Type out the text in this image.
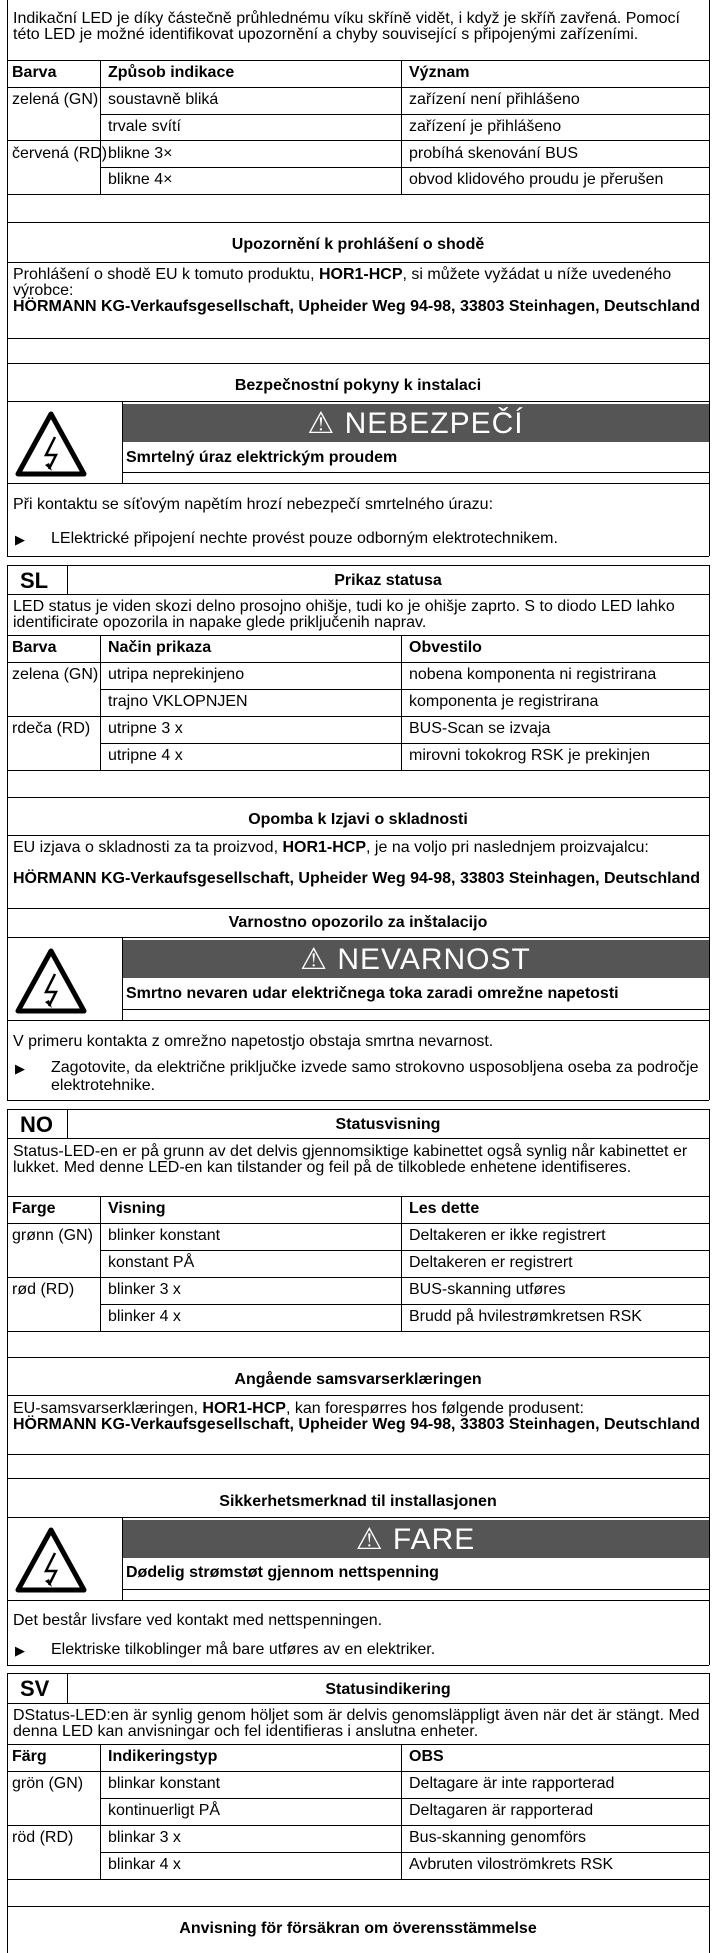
Indikační LED je díky částečně průhlednému víku skříně vidět, i když je skříň zavřená. Pomocí této LED je možné identifikovat upozornění a chyby související s připojenými zařízeními.
Barva	Způsob indikace	Význam
zelená (GN) soustavně bliká	zařízení není přihlášeno
trvale svítí	zařízení je přihlášeno
červená (RD) blikne 3×	probíhá skenování BUS
blikne 4×	obvod klidového proudu je přerušen
Upozornění k prohlášení o shodě
Prohlášení o shodě EU k tomuto produktu, HOR1-HCP, si můžete vyžádat u níže uvedeného výrobce:
HÖRMANN KG-Verkaufsgesellschaft, Upheider Weg 94-98, 33803 Steinhagen, Deutschland
Bezpečnostní pokyny k instalaci
⚠ NEBEZPEČÍ
Smrtelný úraz elektrickým proudem
Při kontaktu se síťovým napětím hrozí nebezpečí smrtelného úrazu:
▶ LElektrické připojení nechte provést pouze odborným elektrotechnikem.
SL	Prikaz statusa
LED status je viden skozi delno prosojno ohišje, tudi ko je ohišje zaprto. S to diodo LED lahko identificirate opozorila in napake glede priključenih naprav.
Barva	Način prikaza	Obvestilo
zelena (GN) utripa neprekinjeno	nobena komponenta ni registrirana
trajno VKLOPNJEN	komponenta je registrirana
rdeča (RD) utripne 3 x	BUS-Scan se izvaja
utripne 4 x	mirovni tokokrog RSK je prekinjen
Opomba k Izjavi o skladnosti
EU izjava o skladnosti za ta proizvod, HOR1-HCP, je na voljo pri naslednjem proizvajalcu:
HÖRMANN KG-Verkaufsgesellschaft, Upheider Weg 94-98, 33803 Steinhagen, Deutschland
Varnostno opozorilo za inštalacijo
⚠ NEVARNOST
Smrtno nevaren udar električnega toka zaradi omrežne napetosti
V primeru kontakta z omrežno napetostjo obstaja smrtna nevarnost.
▶ Zagotovite, da električne priključke izvede samo strokovno usposobljena oseba za področje elektrotehnike.
NO	Statusvisning
Status-LED-en er på grunn av det delvis gjennomsiktige kabinettet også synlig når kabinettet er lukket. Med denne LED-en kan tilstander og feil på de tilkoblede enhetene identifiseres.
Farge	Visning	Les dette
grønn (GN) blinker konstant	Deltakeren er ikke registrert
konstant PÅ	Deltakeren er registrert
rød (RD) blinker 3 x	BUS-skanning utføres
blinker 4 x	Brudd på hvilestrømkretsen RSK
Angående samsvarserklæringen
EU-samsvarserklæringen, HOR1-HCP, kan forespørres hos følgende produsent:
HÖRMANN KG-Verkaufsgesellschaft, Upheider Weg 94-98, 33803 Steinhagen, Deutschland
Sikkerhetsmerknad til installasjonen
⚠ FARE
Dødelig strømstøt gjennom nettspenning
Det består livsfare ved kontakt med nettspenningen.
▶ Elektriske tilkoblinger må bare utføres av en elektriker.
SV	Statusindikering
DStatus-LED:en är synlig genom höljet som är delvis genomsläppligt även när det är stängt. Med denna LED kan anvisningar och fel identifieras i anslutna enheter.
Färg	Indikeringstyp	OBS
grön (GN) blinkar konstant	Deltagare är inte rapporterad
kontinuerligt PÅ	Deltagaren är rapporterad
röd (RD) blinkar 3 x	Bus-skanning genomförs
blinkar 4 x	Avbruten viloströmkrets RSK
Anvisning för försäkran om överensstämmelse
